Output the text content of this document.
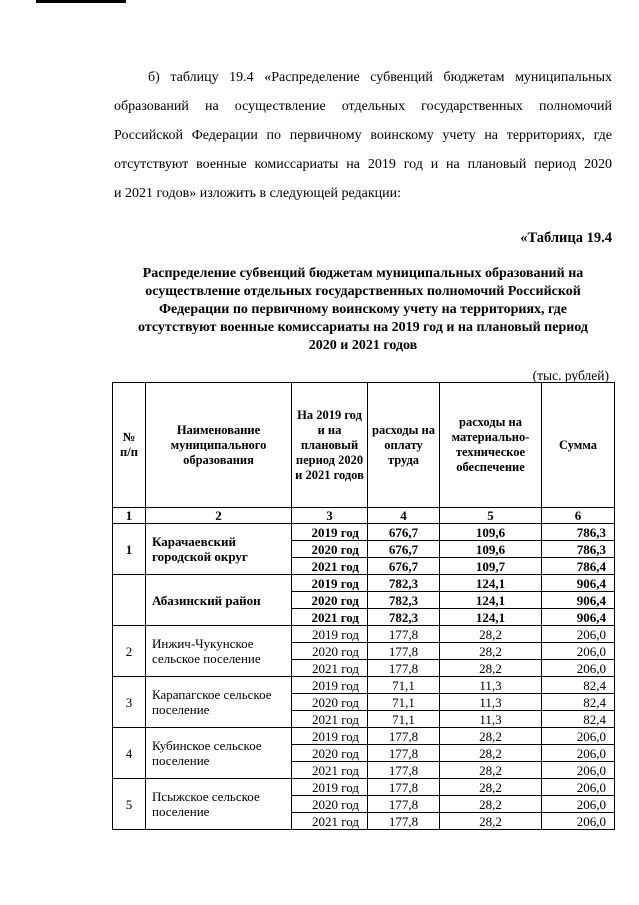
б) таблицу 19.4 «Распределение субвенций бюджетам муниципальных
образований на осуществление отдельных государственных полномочий
Российской Федерации по первичному воинскому учету на территориях, где
отсутствуют военные комиссариаты на 2019 год и на плановый период 2020
и 2021 годов» изложить в следующей редакции:
«Таблица 19.4
Распределение субвенций бюджетам муниципальных образований на
осуществление отдельных государственных полномочий Российской
Федерации по первичному воинскому учету на территориях, где
отсутствуют военные комиссариаты на 2019 год и на плановый период
2020 и 2021 годов
(тыс. рублей)
№ п/п	Наименование муниципального образования	На 2019 год и на плановый период 2020 и 2021 годов	расходы на оплату труда	расходы на материально-техническое обеспечение	Сумма
1	2	3	4	5	6
1	Карачаевский городской округ	2019 год	676,7	109,6	786,3
		2020 год	676,7	109,6	786,3
		2021 год	676,7	109,7	786,4
	Абазинский район	2019 год	782,3	124,1	906,4
		2020 год	782,3	124,1	906,4
		2021 год	782,3	124,1	906,4
2	Инжич-Чукунское сельское поселение	2019 год	177,8	28,2	206,0
		2020 год	177,8	28,2	206,0
		2021 год	177,8	28,2	206,0
3	Карапагское сельское поселение	2019 год	71,1	11,3	82,4
		2020 год	71,1	11,3	82,4
		2021 год	71,1	11,3	82,4
4	Кубинское сельское поселение	2019 год	177,8	28,2	206,0
		2020 год	177,8	28,2	206,0
		2021 год	177,8	28,2	206,0
5	Псыжское сельское поселение	2019 год	177,8	28,2	206,0
		2020 год	177,8	28,2	206,0
		2021 год	177,8	28,2	206,0
